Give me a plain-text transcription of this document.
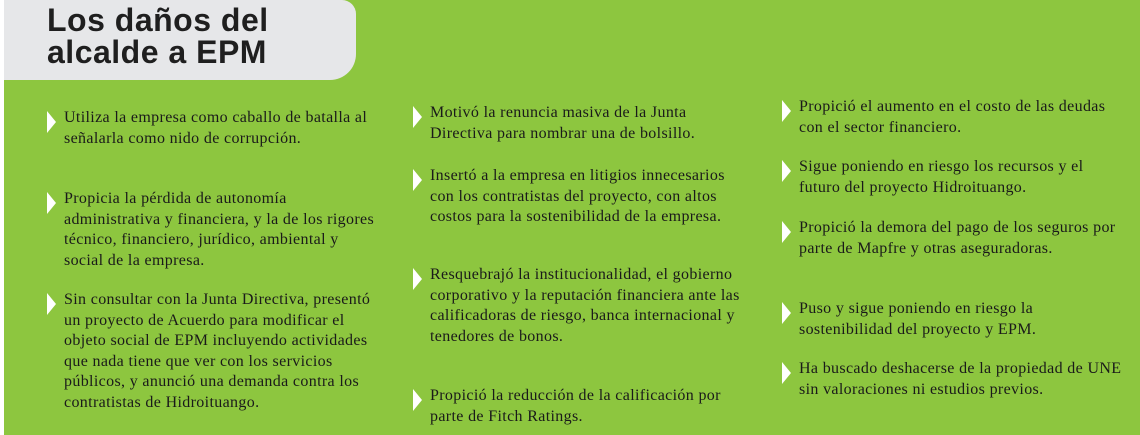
Los daños del
alcalde a EPM
Utiliza la empresa como caballo de batalla al señalarla como nido de corrupción.
Propicia la pérdida de autonomía administrativa y financiera, y la de los rigores técnico, financiero, jurídico, ambiental y social de la empresa.
Sin consultar con la Junta Directiva, presentó un proyecto de Acuerdo para modificar el objeto social de EPM incluyendo actividades que nada tiene que ver con los servicios públicos, y anunció una demanda contra los contratistas de Hidroituango.
Motivó la renuncia masiva de la Junta Directiva para nombrar una de bolsillo.
Insertó a la empresa en litigios innecesarios con los contratistas del proyecto, con altos costos para la sostenibilidad de la empresa.
Resquebrajó la institucionalidad, el gobierno corporativo y la reputación financiera ante las calificadoras de riesgo, banca internacional y tenedores de bonos.
Propició la reducción de la calificación por parte de Fitch Ratings.
Propició el aumento en el costo de las deudas con el sector financiero.
Sigue poniendo en riesgo los recursos y el futuro del proyecto Hidroituango.
Propició la demora del pago de los seguros por parte de Mapfre y otras aseguradoras.
Puso y sigue poniendo en riesgo la sostenibilidad del proyecto y EPM.
Ha buscado deshacerse de la propiedad de UNE sin valoraciones ni estudios previos.
